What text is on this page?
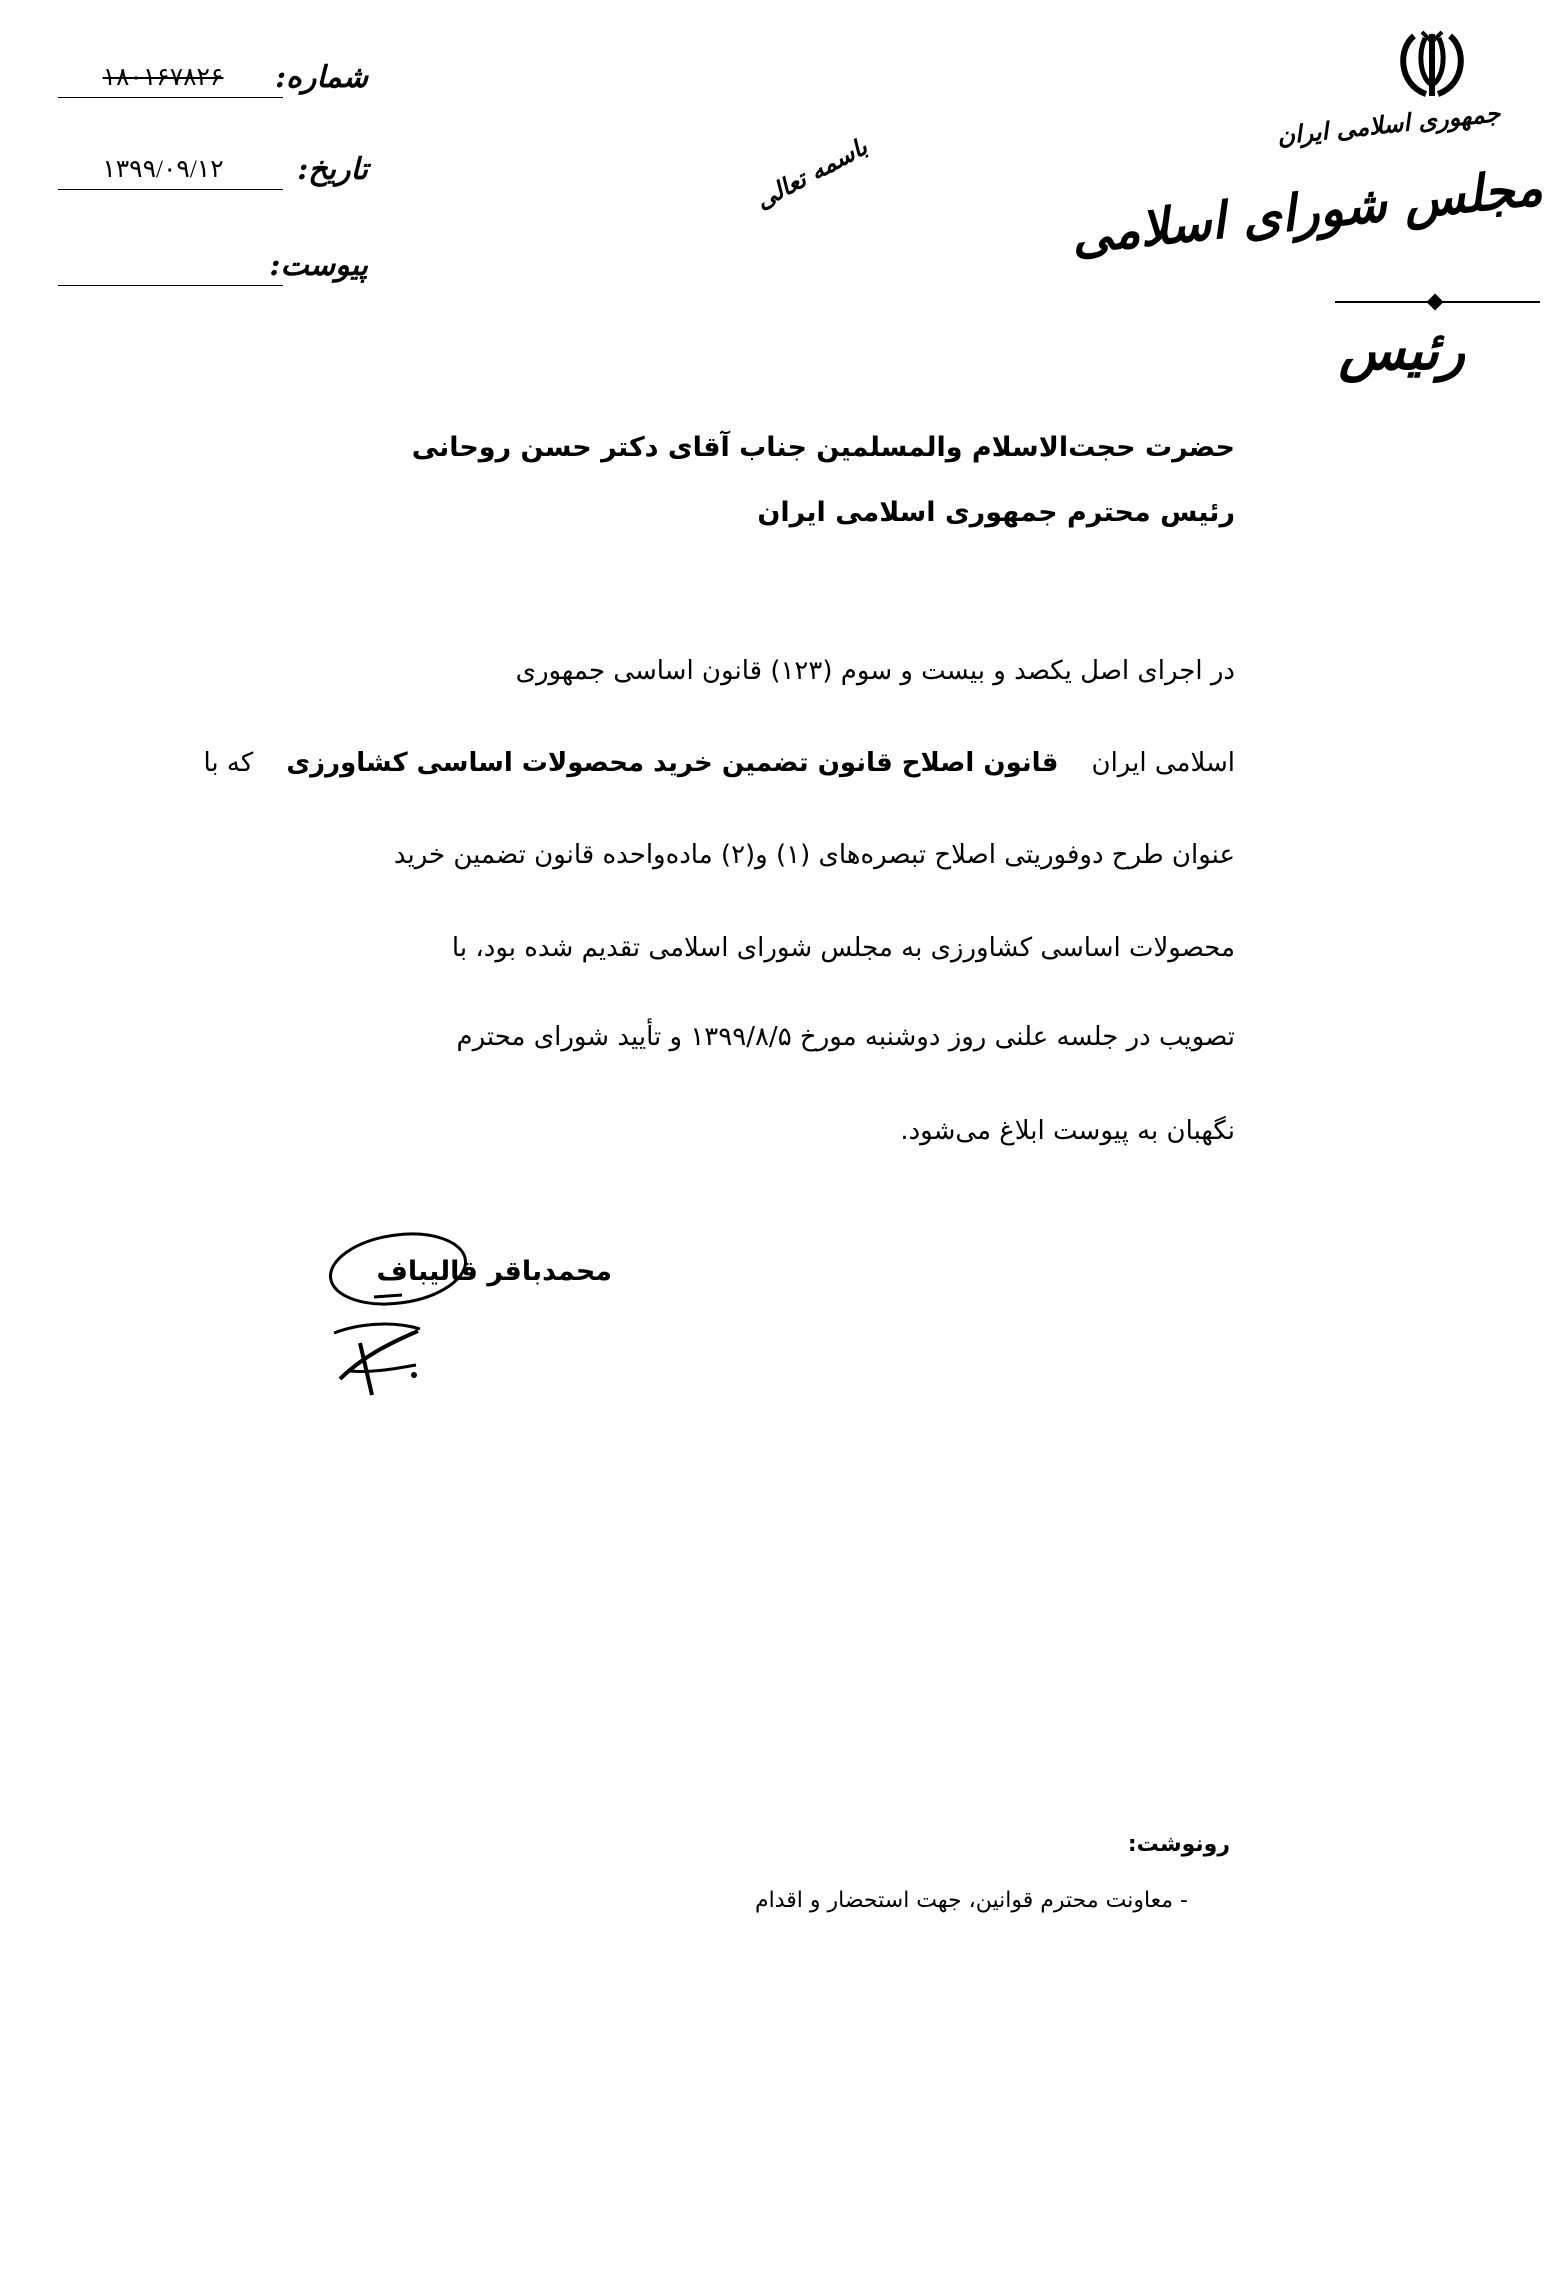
شماره:
۱۸۰۱۶۷۸۲۶
تاریخ:
۱۳۹۹/۰۹/۱۲
پیوست:
باسمه تعالی
جمهوری اسلامی ایران
مجلس شورای اسلامی
رئیس
حضرت حجت‌الاسلام والمسلمین جناب آقای دکتر حسن روحانی
رئیس محترم جمهوری اسلامی ایران
در اجرای اصل یکصد و بیست و سوم (۱۲۳) قانون اساسی جمهوری
اسلامی ایران    قانون اصلاح قانون تضمین خرید محصولات اساسی کشاورزی    که با
عنوان طرح دوفوریتی اصلاح تبصره‌های (۱) و(۲) ماده‌واحده قانون تضمین خرید
محصولات اساسی کشاورزی به مجلس شورای اسلامی تقدیم شده بود، با
تصویب در جلسه علنی روز دوشنبه مورخ ۱۳۹۹/۸/۵ و تأیید شورای محترم
نگهبان به پیوست ابلاغ می‌شود.
محمدباقر قالیباف
رونوشت:
- معاونت محترم قوانین، جهت استحضار و اقدام
